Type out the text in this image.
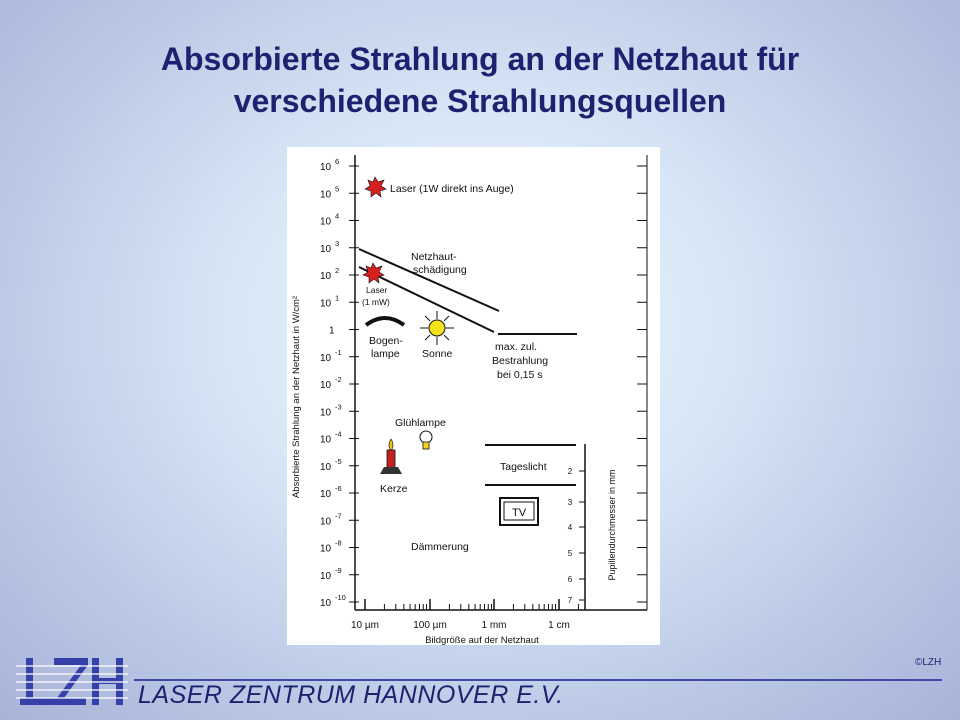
Absorbierte Strahlung an der Netzhaut für
verschiedene Strahlungsquellen
Absorbierte Strahlung an der Netzhaut in W/cm²
10
6
10
5
10
4
10
3
10
2
10
1
1
10
-1
10
-2
10
-3
10
-4
10
-5
10
-6
10
-7
10
-8
10
-9
10
-10
10 µm	100 µm	1 mm	1 cm
Bildgröße auf der Netzhaut
Laser (1W direkt ins Auge)
Netzhaut-
schädigung
Laser
(1 mW)
Bogen-
lampe Sonne
max. zul.
Bestrahlung
bei 0,15 s
Glühlampe
Kerze
Tageslicht
TV
Dämmerung
2
3
4
5
6
7
Pupillendurchmesser in mm
©LZH
LASER ZENTRUM HANNOVER E.V.
